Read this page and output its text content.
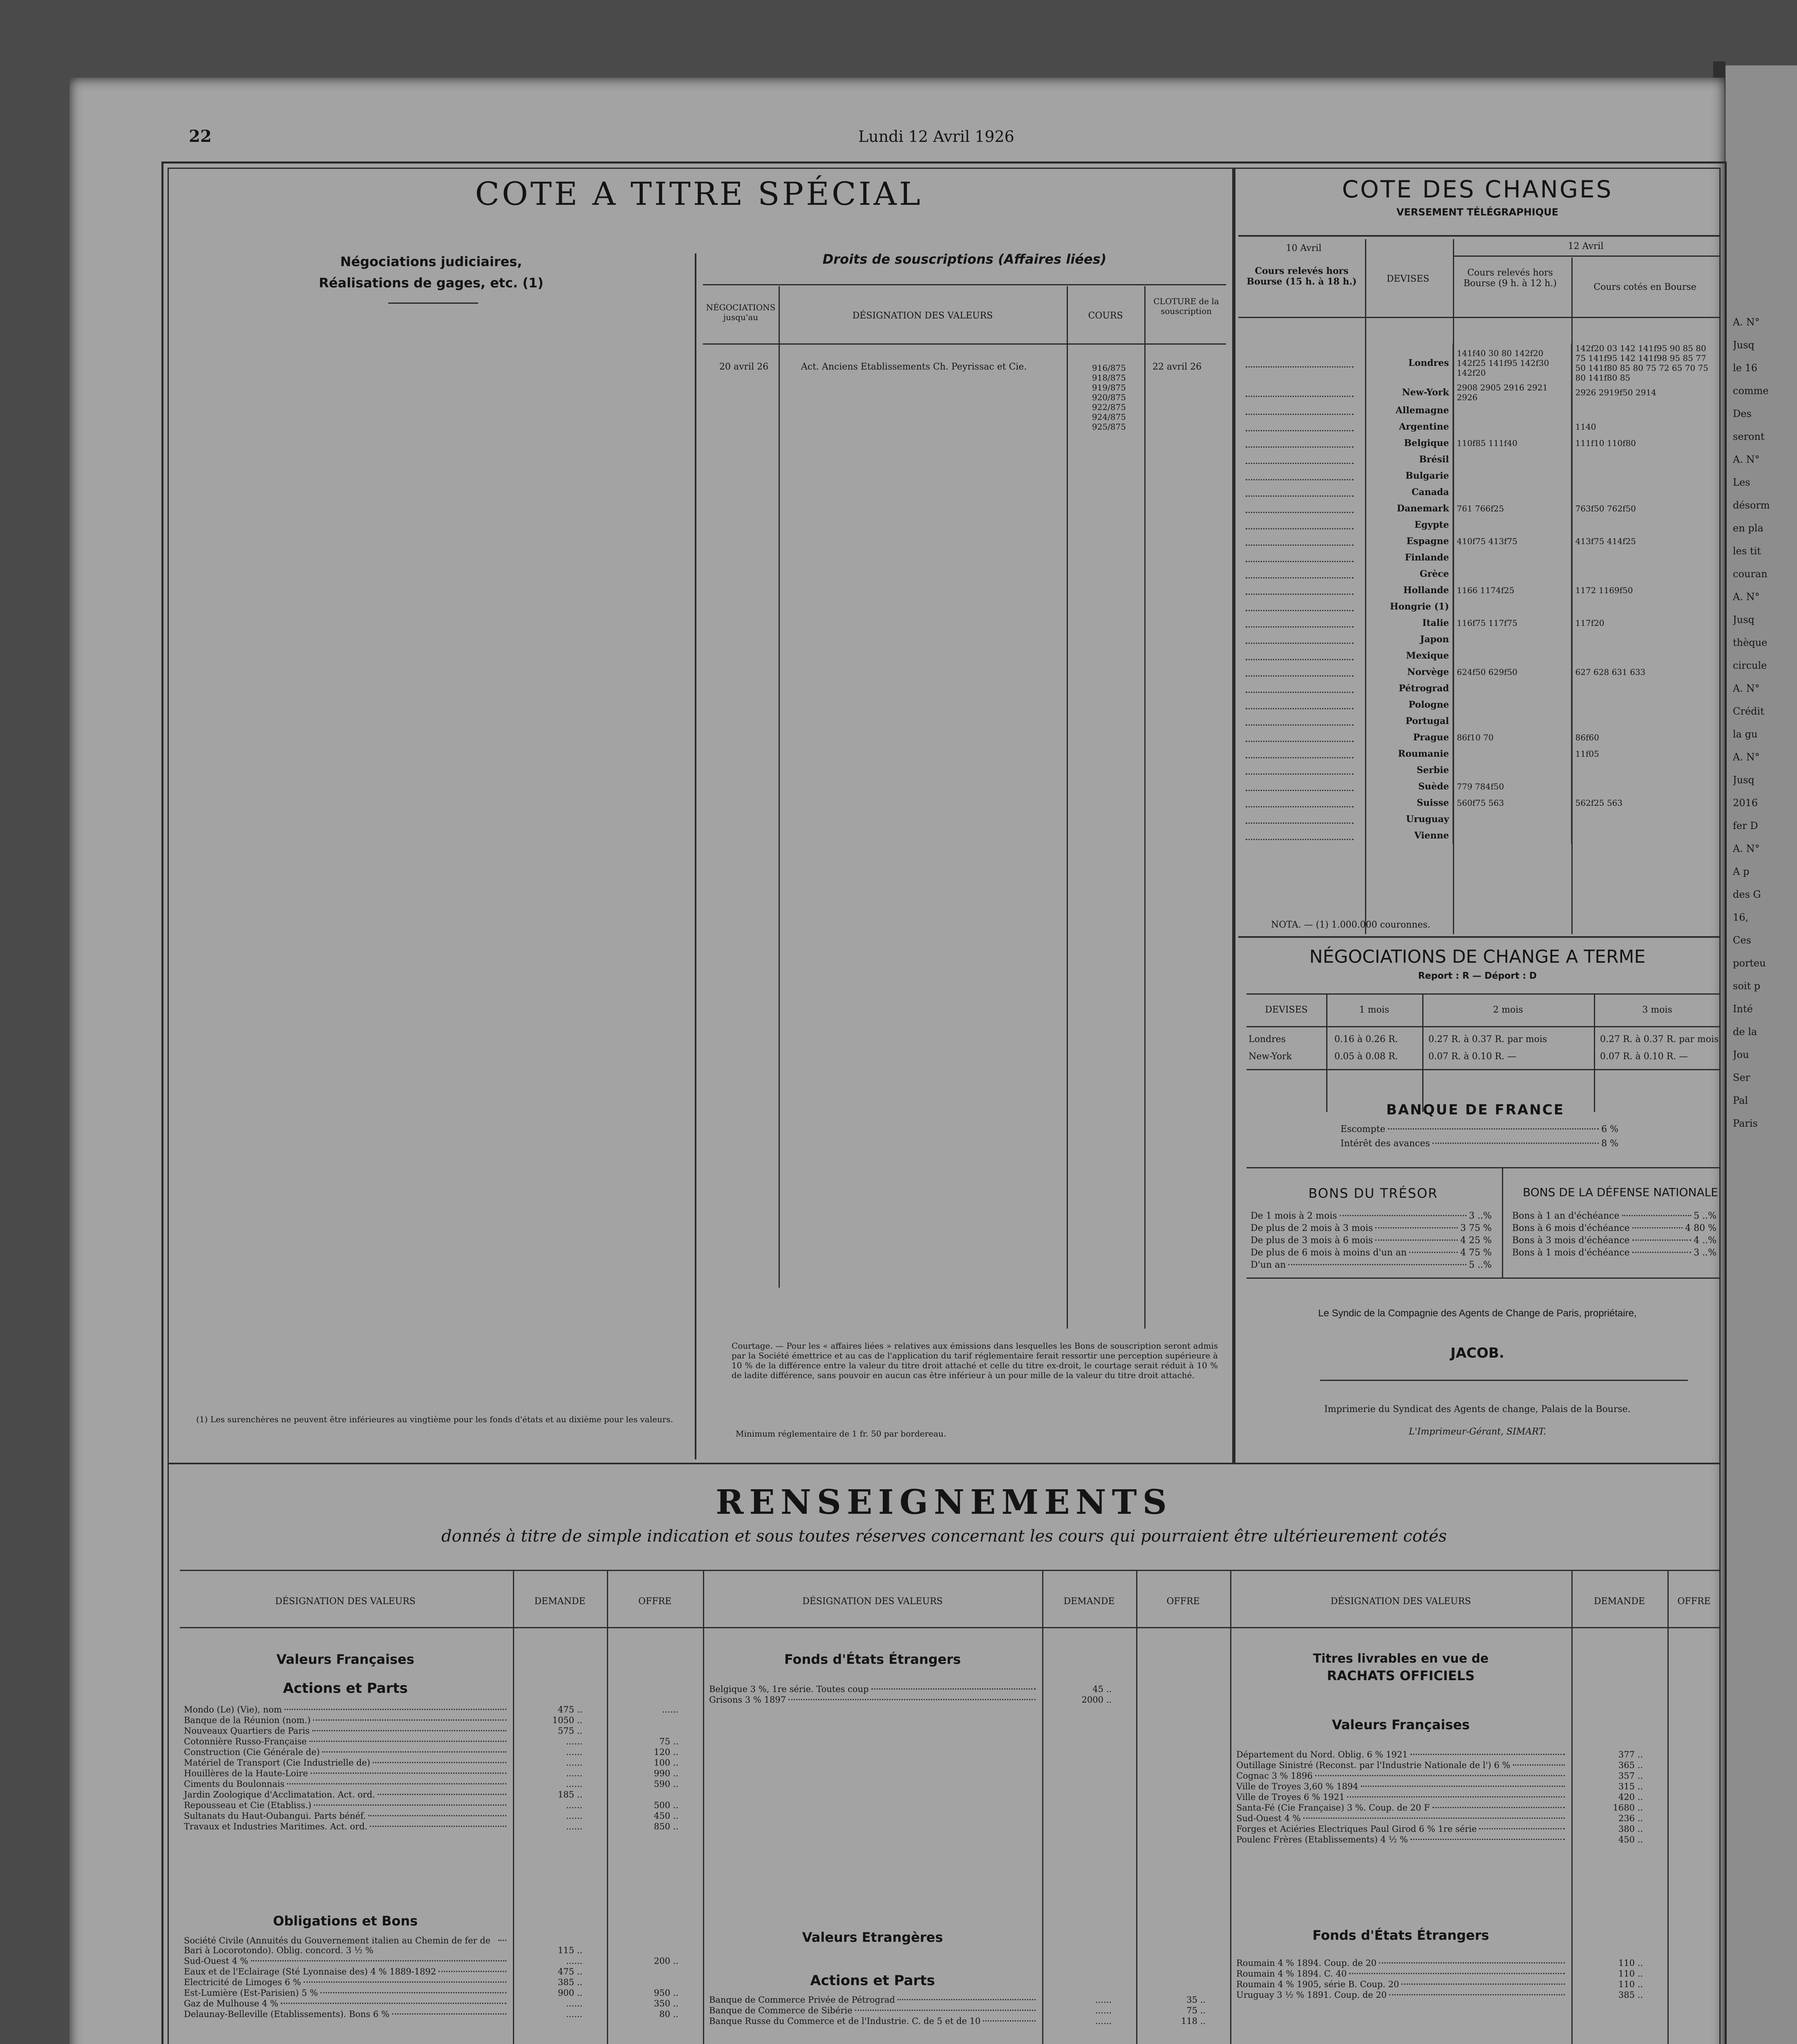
22	Lundi 12 Avril 1926
COTE A TITRE SPÉCIAL
Négociations judiciaires,
Réalisations de gages, etc. (1)
(1) Les surenchères ne peuvent être inférieures au vingtième pour les fonds d'états et au dixième pour les valeurs.
Droits de souscriptions (Affaires liées)
NÉGOCIATIONS jusqu'au	DÉSIGNATION DES VALEURS	COURS
CLOTURE de la souscription
20 avril 26	Act. Anciens Etablissements Ch. Peyrissac et Cie.	916/875
918/875
919/875
920/875
922/875
924/875
925/875
22 avril 26
Courtage. — Pour les « affaires liées » relatives aux émissions dans lesquelles les Bons de souscription seront admis par la Société émettrice et au cas de l'application du tarif réglementaire ferait ressortir une perception supérieure à 10 % de la différence entre la valeur du titre droit attaché et celle du titre ex-droit, le courtage serait réduit à 10 % de ladite différence, sans pouvoir en aucun cas être inférieur à un pour mille de la valeur du titre droit attaché.
Minimum réglementaire de 1 fr. 50 par bordereau.
COTE DES CHANGES
VERSEMENT TÉLÉGRAPHIQUE
10 Avril	12 Avril
Cours relevés hors Bourse (15 h. à 18 h.)	DEVISES
Cours relevés hors Bourse (9 h. à 12 h.)	Cours cotés en Bourse
	Londres	141f40 30 80 142f20 142f25 141f95 142f30 142f20	142f20 03 142 141f95 90 85 80 75 141f95 142 141f98 95 85 77 50 141f80 85 80 75 72 65 70 75 80 141f80 85

	New-York	2908 2905 2916 2921 2926	2926 2919f50 2914

	Allemagne		

	Argentine		1140

	Belgique	110f85 111f40	111f10 110f80

	Brésil		

	Bulgarie		

	Canada		

	Danemark	761 766f25	763f50 762f50

	Egypte		

	Espagne	410f75 413f75	413f75 414f25

	Finlande		

	Grèce		

	Hollande	1166 1174f25	1172 1169f50

	Hongrie (1)		

	Italie	116f75 117f75	117f20

	Japon		

	Mexique		

	Norvège	624f50 629f50	627 628 631 633

	Pétrograd		

	Pologne		

	Portugal		

	Prague	86f10 70	86f60

	Roumanie		11f05

	Serbie		

	Suède	779 784f50	

	Suisse	560f75 563	562f25 563

	Uruguay		

	Vienne		
NOTA. — (1) 1.000.000 couronnes.
NÉGOCIATIONS DE CHANGE A TERME
Report : R — Déport : D
DEVISES	1 mois	2 mois	3 mois
Londres	0.16 à 0.26 R.	0.27 R. à 0.37 R. par mois	0.27 R. à 0.37 R. par mois
New-York	0.05 à 0.08 R.	0.07 R. à 0.10 R. —	0.07 R. à 0.10 R. —
BANQUE DE FRANCE
Escompte	6 %
Intérêt des avances	8 %
BONS DU TRÉSOR	BONS DE LA DÉFENSE NATIONALE
De 1 mois à 2 mois	3 ..%
De plus de 2 mois à 3 mois	3 75 %
De plus de 3 mois à 6 mois	4 25 %
De plus de 6 mois à moins d'un an	4 75 %
D'un an	5 ..%
Bons à 1 an d'échéance	5 ..%
Bons à 6 mois d'échéance	4 80 %
Bons à 3 mois d'échéance	4 ..%
Bons à 1 mois d'échéance	3 ..%
Le Syndic de la Compagnie des Agents de Change de Paris, propriétaire,
JACOB.
Imprimerie du Syndicat des Agents de change, Palais de la Bourse.
L'Imprimeur-Gérant, SIMART.
RENSEIGNEMENTS
donnés à titre de simple indication et sous toutes réserves concernant les cours qui pourraient être ultérieurement cotés
DÉSIGNATION DES VALEURS	DEMANDE	OFFRE	DÉSIGNATION DES VALEURS	DEMANDE	OFFRE	DÉSIGNATION DES VALEURS	DEMANDE	OFFRE
Valeurs Françaises
Actions et Parts
Mondo (Le) (Vie), nom	475 ..	......
Banque de la Réunion (nom.)	1050 ..
Nouveaux Quartiers de Paris	575 ..
Cotonnière Russo-Française	......	75 ..
Construction (Cie Générale de)	......	120 ..
Matériel de Transport (Cie Industrielle de)	......	100 ..
Houillères de la Haute-Loire	......	990 ..
Ciments du Boulonnais	......	590 ..
Jardin Zoologique d'Acclimatation. Act. ord.	185 ..
Repousseau et Cie (Etabliss.)	......	500 ..
Sultanats du Haut-Oubangui. Parts bénéf.	......	450 ..
Travaux et Industries Maritimes. Act. ord.	......	850 ..
Obligations et Bons
Société Civile (Annuités du Gouvernement italien au Chemin de fer de Bari à Locorotondo). Oblig. concord. 3 ½ %	115 ..
Sud-Ouest 4 %	......	200 ..
Eaux et de l'Eclairage (Sté Lyonnaise des) 4 % 1889-1892	475 ..
Electricité de Limoges 6 %	385 ..
Est-Lumière (Est-Parisien) 5 %	900 ..	950 ..
Gaz de Mulhouse 4 %	......	350 ..
Delaunay-Belleville (Etablissements). Bons 6 %	......	80 ..
Fonds d'États Étrangers
Belgique 3 %, 1re série. Toutes coup	45 ..
Grisons 3 % 1897	2000 ..
Valeurs Etrangères
Actions et Parts
Banque de Commerce Privée de Pétrograd	......	35 ..
Banque de Commerce de Sibérie	......	75 ..
Banque Russe du Commerce et de l'Industrie. C. de 5 et de 10	......	118 ..
Titres livrables en vue de
RACHATS OFFICIELS
Valeurs Françaises
Département du Nord. Oblig. 6 % 1921	377 ..
Outillage Sinistré (Reconst. par l'Industrie Nationale de l') 6 %	365 ..
Cognac 3 % 1896	357 ..
Ville de Troyes 3,60 % 1894	315 ..
Ville de Troyes 6 % 1921	420 ..
Santa-Fé (Cie Française) 3 %. Coup. de 20 F	1680 ..
Sud-Ouest 4 %	236 ..
Forges et Aciéries Electriques Paul Girod 6 % 1re série	380 ..
Poulenc Frères (Etablissements) 4 ½ %	450 ..
Fonds d'États Étrangers
Roumain 4 % 1894. Coup. de 20	110 ..
Roumain 4 % 1894. C. 40	110 ..
Roumain 4 % 1905, série B. Coup. 20	110 ..
Uruguay 3 ½ % 1891. Coup. de 20	385 ..
A. N°
Jusq
le 16
comme
Des
seront
A. N°
Les
désorm
en pla
les tit
couran
A. N°
Jusq
thèque
circule
A. N°
Crédit
la gu
A. N°
Jusq
2016
fer D
A. N°
A p
des G
16,
Ces
porteu
soit p
Inté
de la
Jou
Ser
Pal
Paris
